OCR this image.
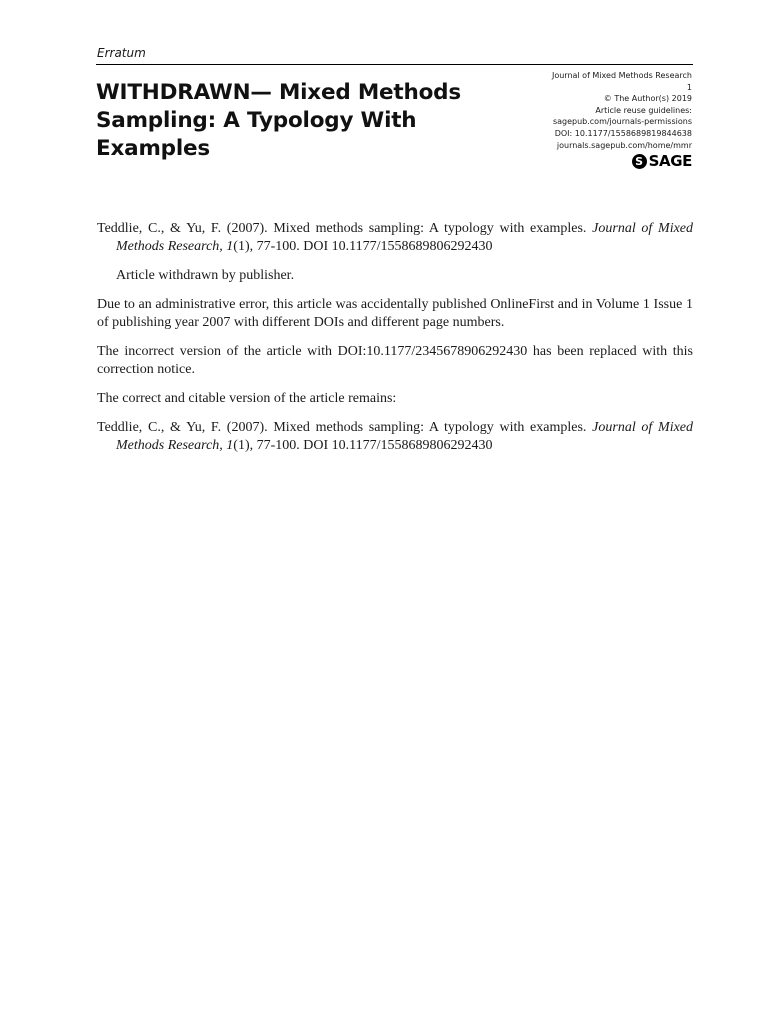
Erratum
WITHDRAWN— Mixed Methods Sampling: A Typology With Examples
Journal of Mixed Methods Research
1
© The Author(s) 2019
Article reuse guidelines:
sagepub.com/journals-permissions
DOI: 10.1177/1558689819844638
journals.sagepub.com/home/mmr
S SAGE

Teddlie, C., & Yu, F. (2007). Mixed methods sampling: A typology with examples. Journal of Mixed Methods Research, 1(1), 77-100. DOI 10.1177/1558689806292430

Article withdrawn by publisher.

Due to an administrative error, this article was accidentally published OnlineFirst and in Volume 1 Issue 1 of publishing year 2007 with different DOIs and different page numbers.

The incorrect version of the article with DOI:10.1177/2345678906292430 has been replaced with this correction notice.

The correct and citable version of the article remains:

Teddlie, C., & Yu, F. (2007). Mixed methods sampling: A typology with examples. Journal of Mixed Methods Research, 1(1), 77-100. DOI 10.1177/1558689806292430
